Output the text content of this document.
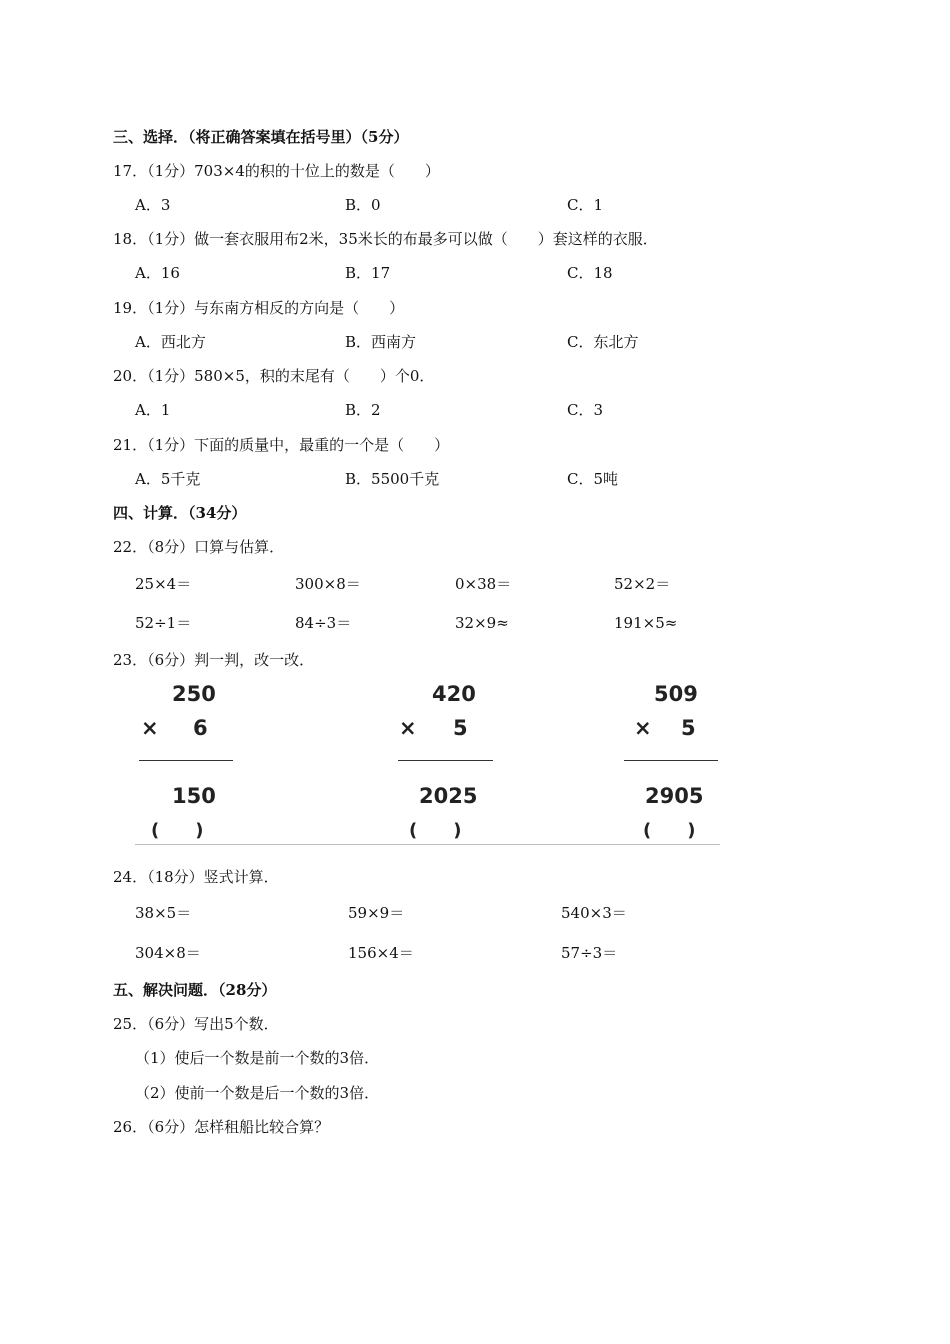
三、选择．（将正确答案填在括号里）（5分）
17．（1分）703×4的积的十位上的数是（　　）
A．3	B．0	C．1
18．（1分）做一套衣服用布2米，35米长的布最多可以做（　　）套这样的衣服．
A．16	B．17	C．18
19．（1分）与东南方相反的方向是（　　）
A．西北方	B．西南方	C．东北方
20．（1分）580×5，积的末尾有（　　）个0．
A．1	B．2	C．3
21．（1分）下面的质量中，最重的一个是（　　）
A．5千克	B．5500千克	C．5吨
四、计算．（34分）
22．（8分）口算与估算．
25×4＝	300×8＝	0×38＝	52×2＝
52÷1＝	84÷3＝	32×9≈	191×5≈
23．（6分）判一判，改一改．
250
× 6
150
(　　)
420
× 5
2025
(　　)
509
× 5
2905
(　　)
24．（18分）竖式计算．
38×5＝	59×9＝	540×3＝
304×8＝	156×4＝	57÷3＝
五、解决问题．（28分）
25．（6分）写出5个数．
（1）使后一个数是前一个数的3倍．
（2）使前一个数是后一个数的3倍．
26．（6分）怎样租船比较合算？
